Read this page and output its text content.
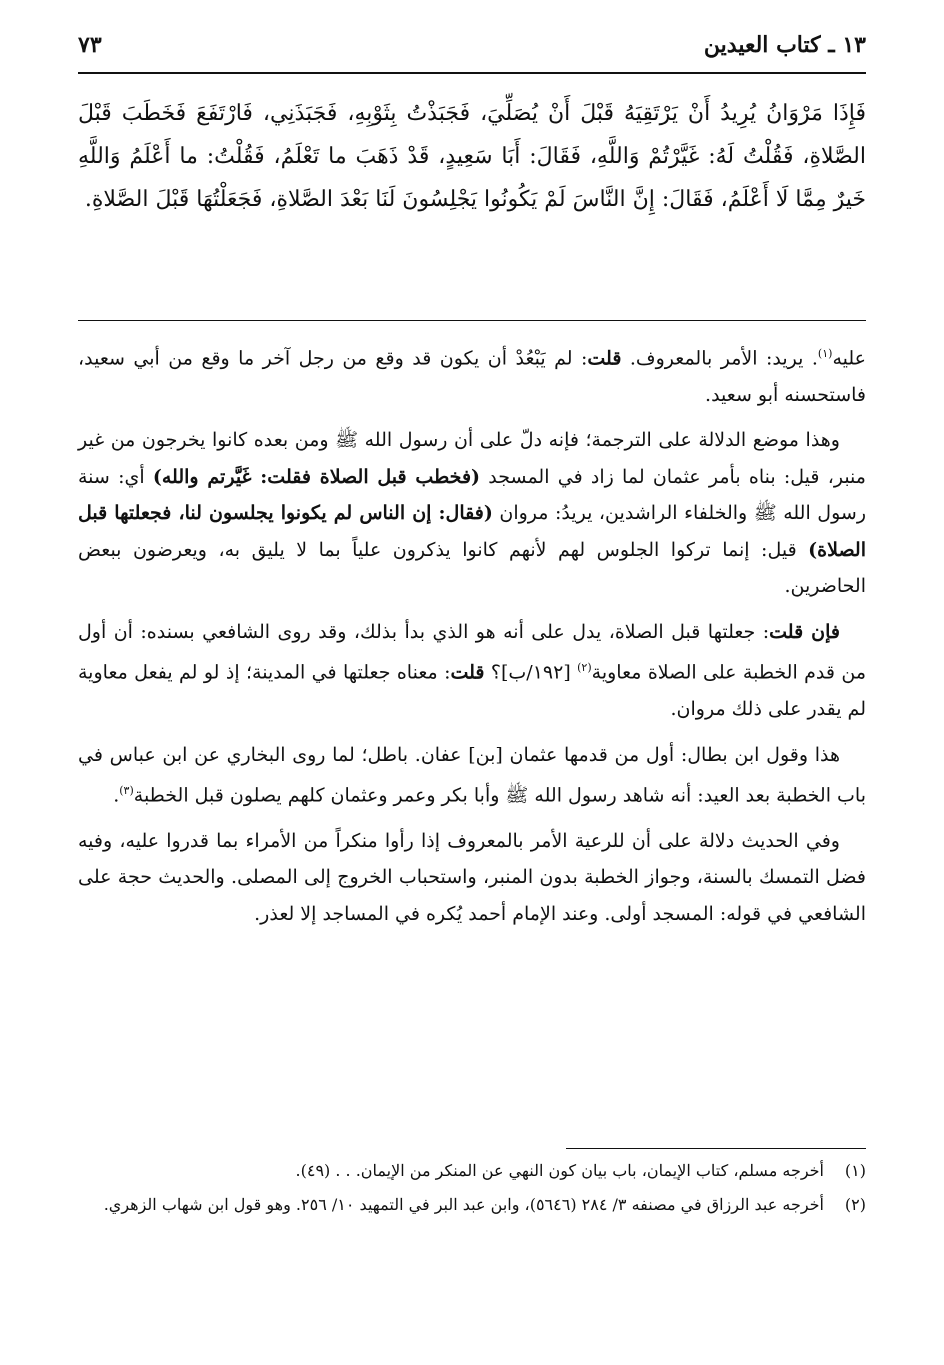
١٣ ـ كتاب العيدين
٧٣

فَإِذَا مَرْوَانُ يُرِيدُ أَنْ يَرْتَقِيَهُ قَبْلَ أَنْ يُصَلِّيَ، فَجَبَذْتُ بِثَوْبِهِ، فَجَبَذَنِي، فَارْتَفَعَ فَخَطَبَ قَبْلَ الصَّلاةِ، فَقُلْتُ لَهُ: غَيَّرْتُمْ وَاللَّهِ، فَقَالَ: أَبَا سَعِيدٍ، قَدْ ذَهَبَ ما تَعْلَمُ، فَقُلْتُ: ما أَعْلَمُ وَاللَّهِ خَيرٌ مِمَّا لَا أَعْلَمُ، فَقَالَ: إِنَّ النَّاسَ لَمْ يَكُونُوا يَجْلِسُونَ لَنَا بَعْدَ الصَّلاةِ، فَجَعَلْتُهَا قَبْلَ الصَّلاةِ.

عليه$^{(١)}$. يريد: الأمر بالمعروف. قلت: لم يَبْعُدْ أن يكون قد وقع من رجل آخر ما وقع من أبي سعيد، فاستحسنه أبو سعيد.

وهذا موضع الدلالة على الترجمة؛ فإنه دلّ على أن رسول الله ﷺ ومن بعده كانوا يخرجون من غير منبر، قيل: بناه بأمر عثمان لما زاد في المسجد (فخطب قبل الصلاة فقلت: غَيَّرتم والله) أي: سنة رسول الله ﷺ والخلفاء الراشدين، يريدُ: مروان (فقال: إن الناس لم يكونوا يجلسون لنا، فجعلتها قبل الصلاة) قيل: إنما تركوا الجلوس لهم لأنهم كانوا يذكرون علياً بما لا يليق به، ويعرضون ببعض الحاضرين.

فإن قلت: جعلتها قبل الصلاة، يدل على أنه هو الذي بدأ بذلك، وقد روى الشافعي بسنده: أن أول من قدم الخطبة على الصلاة معاوية$^{(٢)}$ [١٩٢/ب]؟ قلت: معناه جعلتها في المدينة؛ إذ لو لم يفعل معاوية لم يقدر على ذلك مروان.

هذا وقول ابن بطال: أول من قدمها عثمان [بن] عفان. باطل؛ لما روى البخاري عن ابن عباس في باب الخطبة بعد العيد: أنه شاهد رسول الله ﷺ وأبا بكر وعمر وعثمان كلهم يصلون قبل الخطبة$^{(٣)}$.

وفي الحديث دلالة على أن للرعية الأمر بالمعروف إذا رأوا منكراً من الأمراء بما قدروا عليه، وفيه فضل التمسك بالسنة، وجواز الخطبة بدون المنبر، واستحباب الخروج إلى المصلى. والحديث حجة على الشافعي في قوله: المسجد أولى. وعند الإمام أحمد يُكره في المساجد إلا لعذر.

(١)
أخرجه مسلم، كتاب الإيمان، باب بيان كون النهي عن المنكر من الإيمان. . . (٤٩).
(٢)
أخرجه عبد الرزاق في مصنفه ٣/ ٢٨٤ (٥٦٤٦)، وابن عبد البر في التمهيد ١٠/ ٢٥٦. وهو قول ابن شهاب الزهري.
